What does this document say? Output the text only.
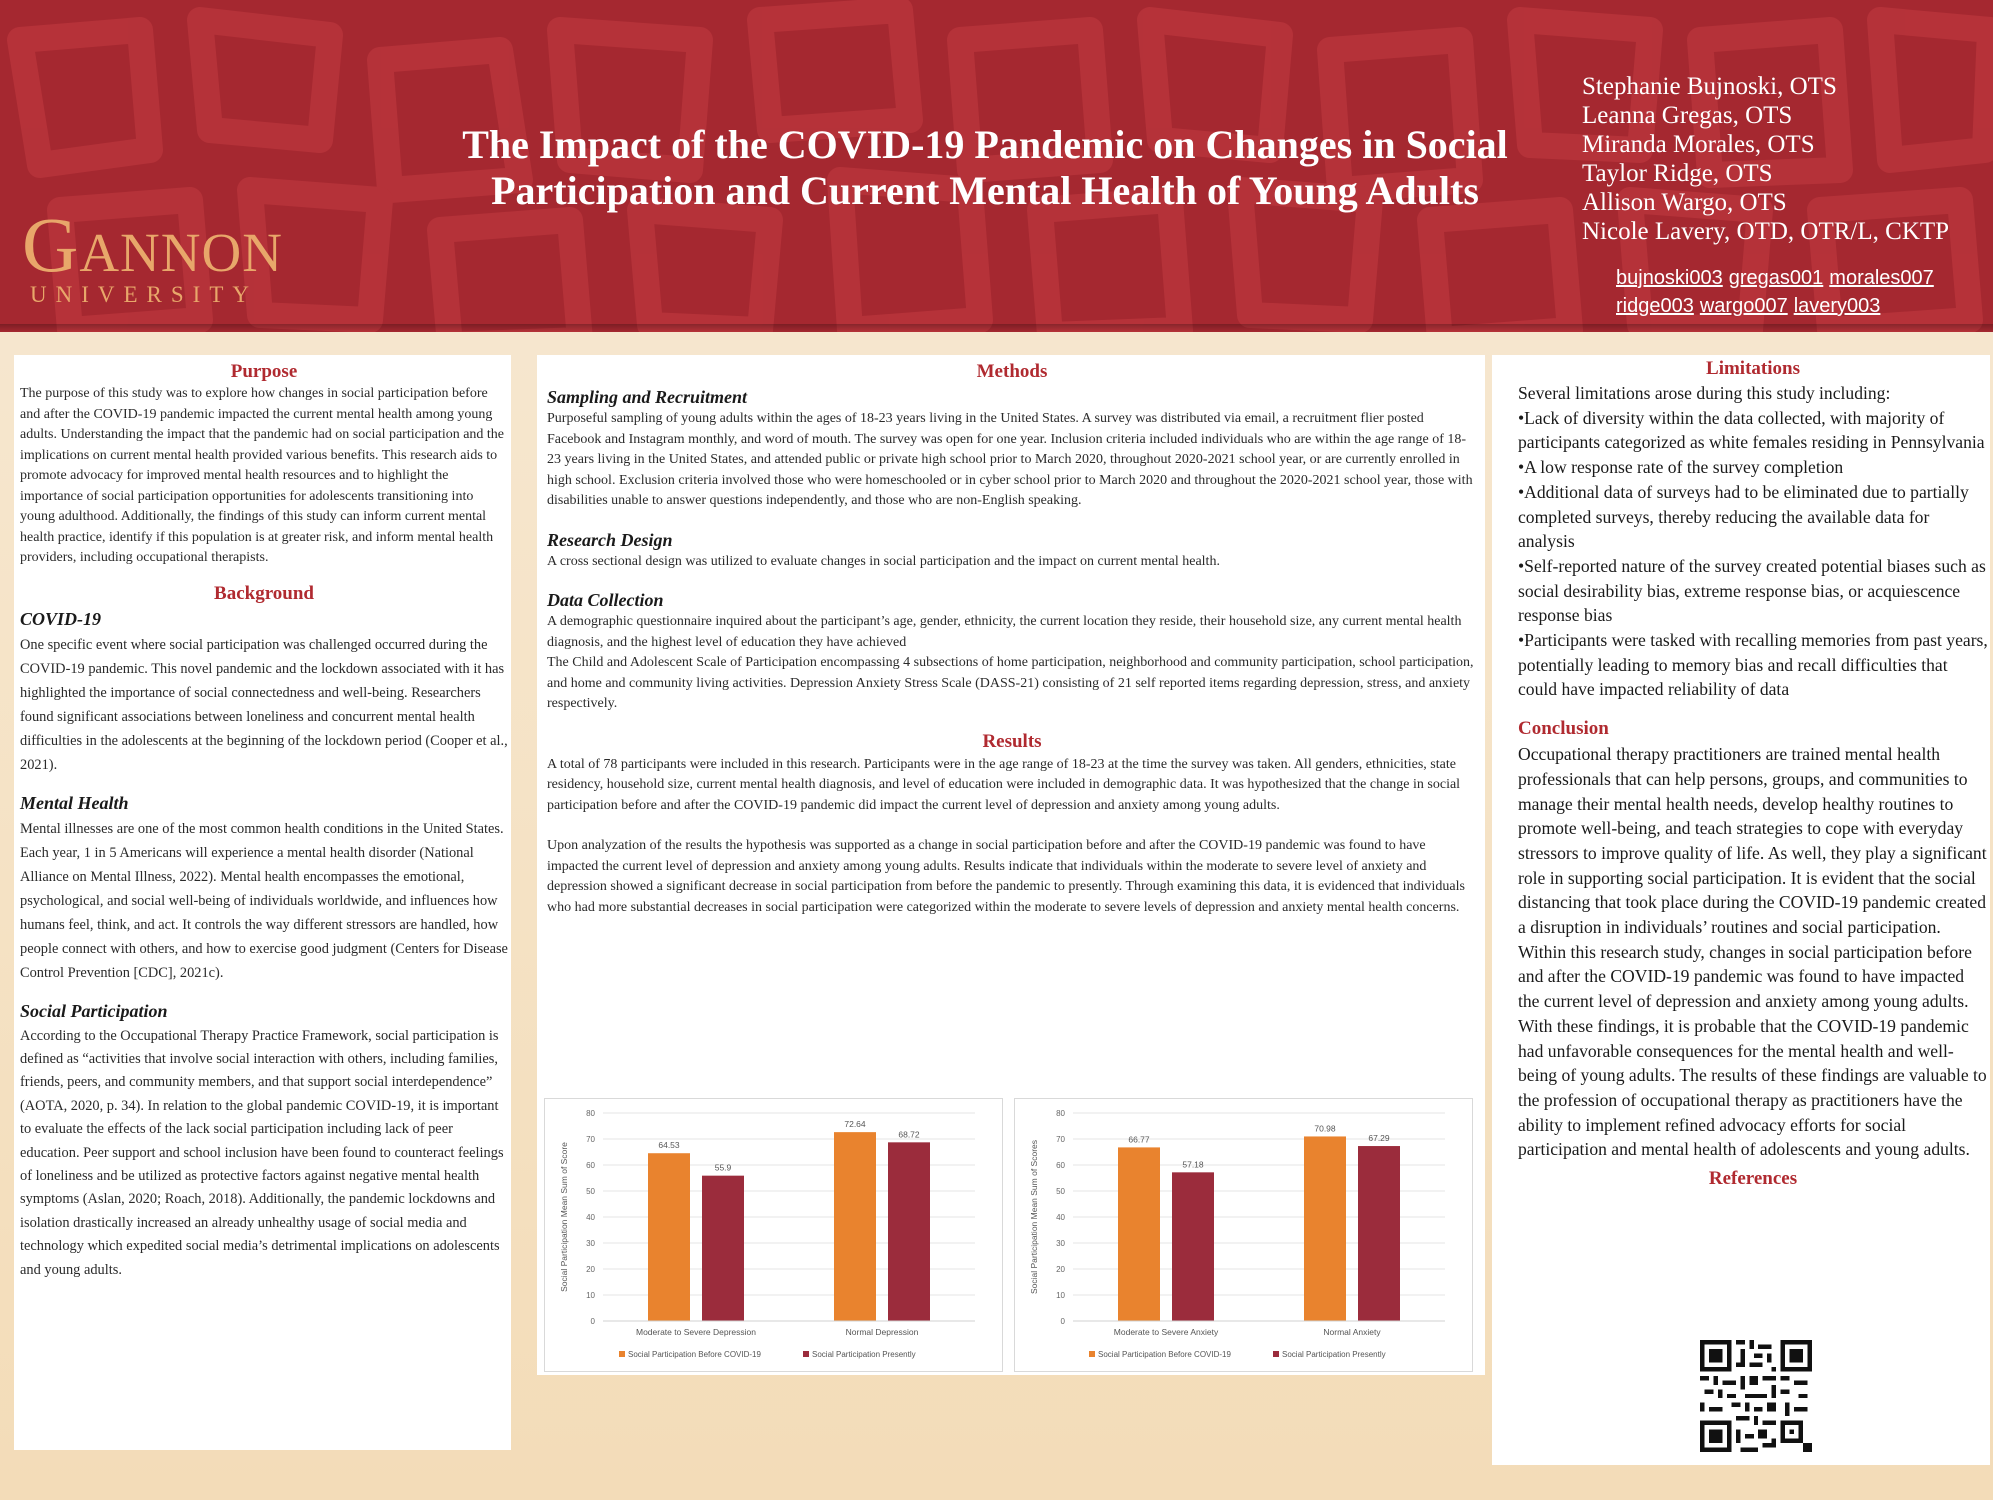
Gannon
UNIVERSITY
The Impact of the COVID-19 Pandemic on Changes in Social
Participation and Current Mental Health of Young Adults
Stephanie Bujnoski, OTS
Leanna Gregas, OTS
Miranda Morales, OTS
Taylor Ridge, OTS
Allison Wargo, OTS
Nicole Lavery, OTD, OTR/L, CKTP
bujnoski003 gregas001 morales007
ridge003 wargo007 lavery003
Purpose

The purpose of this study was to explore how changes in social participation before and after the COVID-19 pandemic impacted the current mental health among young adults. Understanding the impact that the pandemic had on social participation and the implications on current mental health provided various benefits. This research aids to promote advocacy for improved mental health resources and to highlight the importance of social participation opportunities for adolescents transitioning into young adulthood. Additionally, the findings of this study can inform current mental health practice, identify if this population is at greater risk, and inform mental health providers, including occupational therapists.

Background
COVID-19

One specific event where social participation was challenged occurred during the COVID-19 pandemic. This novel pandemic and the lockdown associated with it has highlighted the importance of social connectedness and well-being. Researchers found significant associations between loneliness and concurrent mental health difficulties in the adolescents at the beginning of the lockdown period (Cooper et al., 2021).

Mental Health

Mental illnesses are one of the most common health conditions in the United States. Each year, 1 in 5 Americans will experience a mental health disorder (National Alliance on Mental Illness, 2022). Mental health encompasses the emotional, psychological, and social well-being of individuals worldwide, and influences how humans feel, think, and act. It controls the way different stressors are handled, how people connect with others, and how to exercise good judgment (Centers for Disease Control Prevention [CDC], 2021c).

Social Participation

According to the Occupational Therapy Practice Framework, social participation is defined as “activities that involve social interaction with others, including families, friends, peers, and community members, and that support social interdependence” (AOTA, 2020, p. 34). In relation to the global pandemic COVID-19, it is important to evaluate the effects of the lack social participation including lack of peer education. Peer support and school inclusion have been found to counteract feelings of loneliness and be utilized as protective factors against negative mental health symptoms (Aslan, 2020; Roach, 2018). Additionally, the pandemic lockdowns and isolation drastically increased an already unhealthy usage of social media and technology which expedited social media’s detrimental implications on adolescents and young adults.

Methods
Sampling and Recruitment

Purposeful sampling of young adults within the ages of 18-23 years living in the United States. A survey was distributed via email, a recruitment flier posted Facebook and Instagram monthly, and word of mouth. The survey was open for one year. Inclusion criteria included individuals who are within the age range of 18-23 years living in the United States, and attended public or private high school prior to March 2020, throughout 2020-2021 school year, or are currently enrolled in high school. Exclusion criteria involved those who were homeschooled or in cyber school prior to March 2020 and throughout the 2020-2021 school year, those with disabilities unable to answer questions independently, and those who are non-English speaking.

Research Design

A cross sectional design was utilized to evaluate changes in social participation and the impact on current mental health.

Data Collection

A demographic questionnaire inquired about the participant’s age, gender, ethnicity, the current location they reside, their household size, any current mental health diagnosis, and the highest level of education they have achieved
The Child and Adolescent Scale of Participation encompassing 4 subsections of home participation, neighborhood and community participation, school participation, and home and community living activities. Depression Anxiety Stress Scale (DASS-21) consisting of 21 self reported items regarding depression, stress, and anxiety respectively.

Results

A total of 78 participants were included in this research. Participants were in the age range of 18-23 at the time the survey was taken. All genders, ethnicities, state residency, household size, current mental health diagnosis, and level of education were included in demographic data. It was hypothesized that the change in social participation before and after the COVID-19 pandemic did impact the current level of depression and anxiety among young adults.

Upon analyzation of the results the hypothesis was supported as a change in social participation before and after the COVID-19 pandemic was found to have impacted the current level of depression and anxiety among young adults. Results indicate that individuals within the moderate to severe level of anxiety and depression showed a significant decrease in social participation from before the pandemic to presently. Through examining this data, it is evidenced that individuals who had more substantial decreases in social participation were categorized within the moderate to severe levels of depression and anxiety mental health concerns.

0
10
20
30
40
50
60
70
80
Social Participation Mean Sum of Score	64.53
55.9
Moderate to Severe Depression
72.64
68.72
Normal Depression
Social Participation Before COVID-19	Social Participation Presently
0
10
20
30
40
50
60
70
80
Social Participation Mean Sum of Scores
66.77
57.18
Moderate to Severe Anxiety
70.98
67.29
Normal Anxiety
Social Participation Before COVID-19	Social Participation Presently
Limitations

Several limitations arose during this study including:

•Lack of diversity within the data collected, with majority of participants categorized as white females residing in Pennsylvania

•A low response rate of the survey completion

•Additional data of surveys had to be eliminated due to partially completed surveys, thereby reducing the available data for analysis

•Self-reported nature of the survey created potential biases such as social desirability bias, extreme response bias, or acquiescence response bias

•Participants were tasked with recalling memories from past years, potentially leading to memory bias and recall difficulties that could have impacted reliability of data

Conclusion

Occupational therapy practitioners are trained mental health professionals that can help persons, groups, and communities to manage their mental health needs, develop healthy routines to promote well-being, and teach strategies to cope with everyday stressors to improve quality of life. As well, they play a significant role in supporting social participation. It is evident that the social distancing that took place during the COVID-19 pandemic created a disruption in individuals’ routines and social participation. Within this research study, changes in social participation before and after the COVID-19 pandemic was found to have impacted the current level of depression and anxiety among young adults. With these findings, it is probable that the COVID-19 pandemic had unfavorable consequences for the mental health and well-being of young adults. The results of these findings are valuable to the profession of occupational therapy as practitioners have the ability to implement refined advocacy efforts for social participation and mental health of adolescents and young adults.

References
